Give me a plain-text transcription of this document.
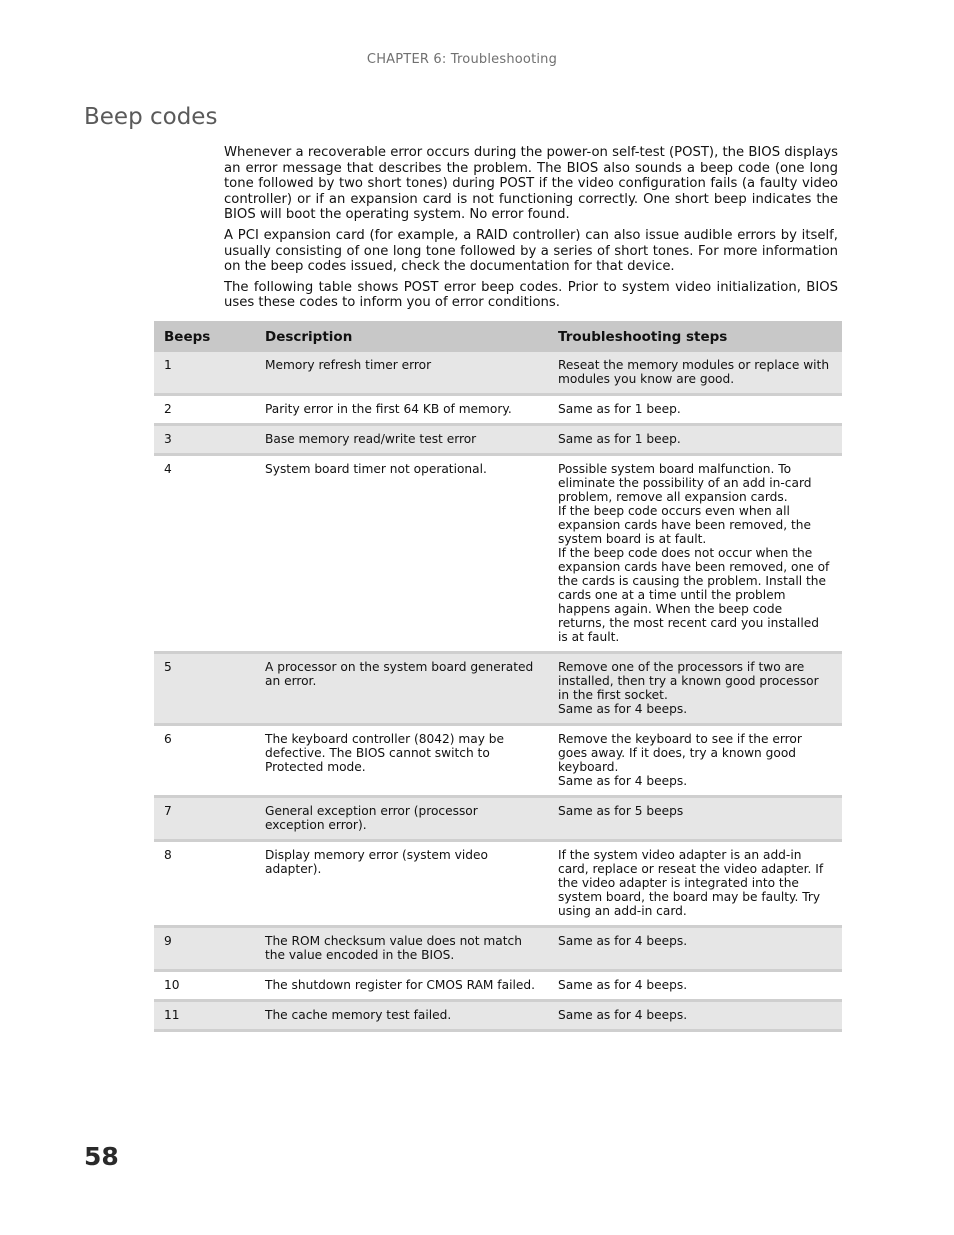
CHAPTER 6: Troubleshooting
Beep codes

Whenever a recoverable error occurs during the power-on self-test (POST), the BIOS displays an error message that describes the problem. The BIOS also sounds a beep code (one long tone followed by two short tones) during POST if the video configuration fails (a faulty video controller) or if an expansion card is not functioning correctly. One short beep indicates the BIOS will boot the operating system. No error found.

A PCI expansion card (for example, a RAID controller) can also issue audible errors by itself, usually consisting of one long tone followed by a series of short tones. For more information on the beep codes issued, check the documentation for that device.

The following table shows POST error beep codes. Prior to system video initialization, BIOS uses these codes to inform you of error conditions.

Beeps	Description	Troubleshooting steps
1	Memory refresh timer error	Reseat the memory modules or replace with modules you know are good.
2	Parity error in the first 64 KB of memory.	Same as for 1 beep.
3	Base memory read/write test error	Same as for 1 beep.
4	System board timer not operational.	Possible system board malfunction. To eliminate the possibility of an add in-card problem, remove all expansion cards.
If the beep code occurs even when all expansion cards have been removed, the system board is at fault.
If the beep code does not occur when the expansion cards have been removed, one of the cards is causing the problem. Install the cards one at a time until the problem happens again. When the beep code returns, the most recent card you installed is at fault.
5	A processor on the system board generated an error.	Remove one of the processors if two are installed, then try a known good processor in the first socket.
Same as for 4 beeps.
6	The keyboard controller (8042) may be defective. The BIOS cannot switch to Protected mode.	Remove the keyboard to see if the error goes away. If it does, try a known good keyboard.
Same as for 4 beeps.
7	General exception error (processor exception error).	Same as for 5 beeps
8	Display memory error (system video adapter).	If the system video adapter is an add-in card, replace or reseat the video adapter. If the video adapter is integrated into the system board, the board may be faulty. Try using an add-in card.
9	The ROM checksum value does not match the value encoded in the BIOS.	Same as for 4 beeps.
10	The shutdown register for CMOS RAM failed.	Same as for 4 beeps.
11	The cache memory test failed.	Same as for 4 beeps.
58
